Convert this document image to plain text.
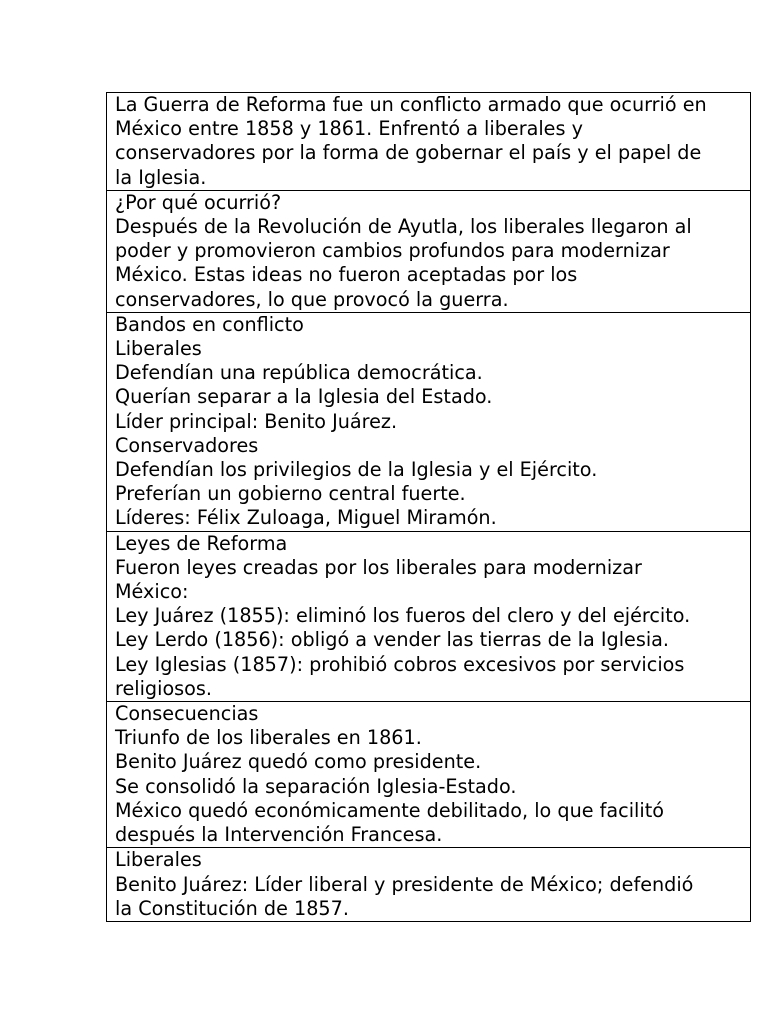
La Guerra de Reforma fue un conflicto armado que ocurrió en
México entre 1858 y 1861. Enfrentó a liberales y
conservadores por la forma de gobernar el país y el papel de
la Iglesia.

¿Por qué ocurrió?
Después de la Revolución de Ayutla, los liberales llegaron al
poder y promovieron cambios profundos para modernizar
México. Estas ideas no fueron aceptadas por los
conservadores, lo que provocó la guerra.

Bandos en conflicto
Liberales
Defendían una república democrática.
Querían separar a la Iglesia del Estado.
Líder principal: Benito Juárez.
Conservadores
Defendían los privilegios de la Iglesia y el Ejército.
Preferían un gobierno central fuerte.
Líderes: Félix Zuloaga, Miguel Miramón.

Leyes de Reforma
Fueron leyes creadas por los liberales para modernizar
México:
Ley Juárez (1855): eliminó los fueros del clero y del ejército.
Ley Lerdo (1856): obligó a vender las tierras de la Iglesia.
Ley Iglesias (1857): prohibió cobros excesivos por servicios
religiosos.

Consecuencias
Triunfo de los liberales en 1861.
Benito Juárez quedó como presidente.
Se consolidó la separación Iglesia-Estado.
México quedó económicamente debilitado, lo que facilitó
después la Intervención Francesa.

Liberales
Benito Juárez: Líder liberal y presidente de México; defendió
la Constitución de 1857.
